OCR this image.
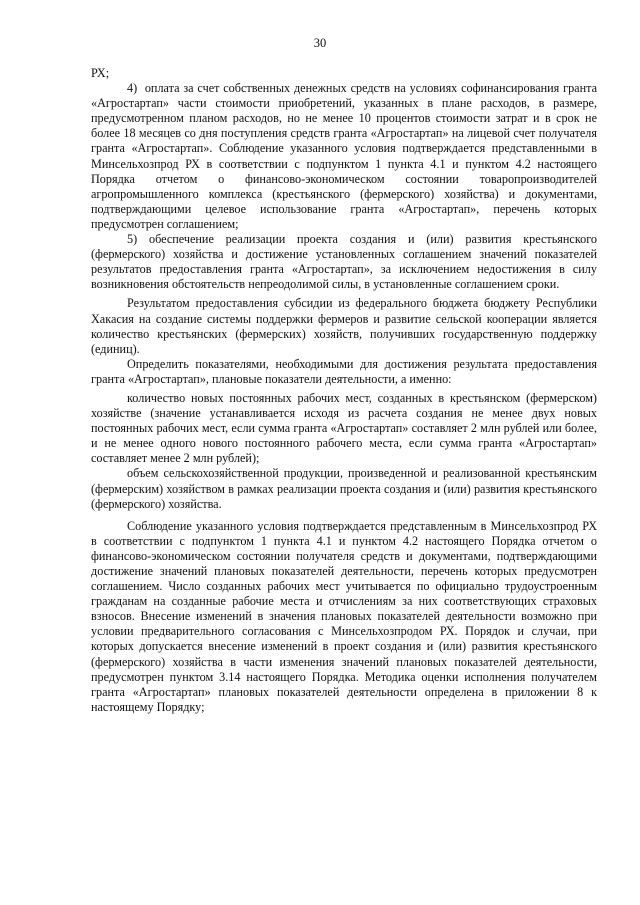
30

РХ;

4)  оплата за счет собственных денежных средств на условиях софинансирования гранта «Агростартап» части стоимости приобретений, указанных в плане расходов, в размере, предусмотренном планом расходов, но не менее 10 процентов стоимости затрат и в срок не более 18 месяцев со дня поступления средств гранта «Агростартап» на лицевой счет получателя гранта «Агростартап». Соблюдение указанного условия подтверждается представленными в Минсельхозпрод РХ в соответствии с подпунктом 1 пункта 4.1 и пунктом 4.2 настоящего Порядка отчетом о финансово-экономическом состоянии товаропроизводителей агропромышленного комплекса (крестьянского (фермерского) хозяйства) и документами, подтверждающими целевое использование гранта «Агростартап», перечень которых предусмотрен соглашением;

5) обеспечение реализации проекта создания и (или) развития крестьянского (фермерского) хозяйства и достижение установленных соглашением значений показателей результатов предоставления гранта «Агростартап», за исключением недостижения в силу возникновения обстоятельств непреодолимой силы, в установленные соглашением сроки.

Результатом предоставления субсидии из федерального бюджета бюджету Республики Хакасия на создание системы поддержки фермеров и развитие сельской кооперации является количество крестьянских (фермерских) хозяйств, получивших государственную поддержку (единиц).

Определить показателями, необходимыми для достижения результата предоставления гранта «Агростартап», плановые показатели деятельности, а именно:

количество новых постоянных рабочих мест, созданных в крестьянском (фермерском) хозяйстве (значение устанавливается исходя из расчета создания не менее двух новых постоянных рабочих мест, если сумма гранта «Агростартап» составляет 2 млн рублей или более, и не менее одного нового постоянного рабочего места, если сумма гранта «Агростартап» составляет менее 2 млн рублей);

объем сельскохозяйственной продукции, произведенной и реализованной крестьянским (фермерским) хозяйством в рамках реализации проекта создания и (или) развития крестьянского (фермерского) хозяйства.

Соблюдение указанного условия подтверждается представленным в Минсельхозпрод РХ в соответствии с подпунктом 1 пункта 4.1 и пунктом 4.2 настоящего Порядка отчетом о финансово-экономическом состоянии получателя средств и документами, подтверждающими достижение значений плановых показателей деятельности, перечень которых предусмотрен соглашением. Число созданных рабочих мест учитывается по официально трудоустроенным гражданам на созданные рабочие места и отчислениям за них соответствующих страховых взносов. Внесение изменений в значения плановых показателей деятельности возможно при условии предварительного согласования с Минсельхозпродом РХ. Порядок и случаи, при которых допускается внесение изменений в проект создания и (или) развития крестьянского (фермерского) хозяйства в части изменения значений плановых показателей деятельности, предусмотрен пунктом 3.14 настоящего Порядка. Методика оценки исполнения получателем гранта «Агростартап» плановых показателей деятельности определена в приложении 8 к настоящему Порядку;
